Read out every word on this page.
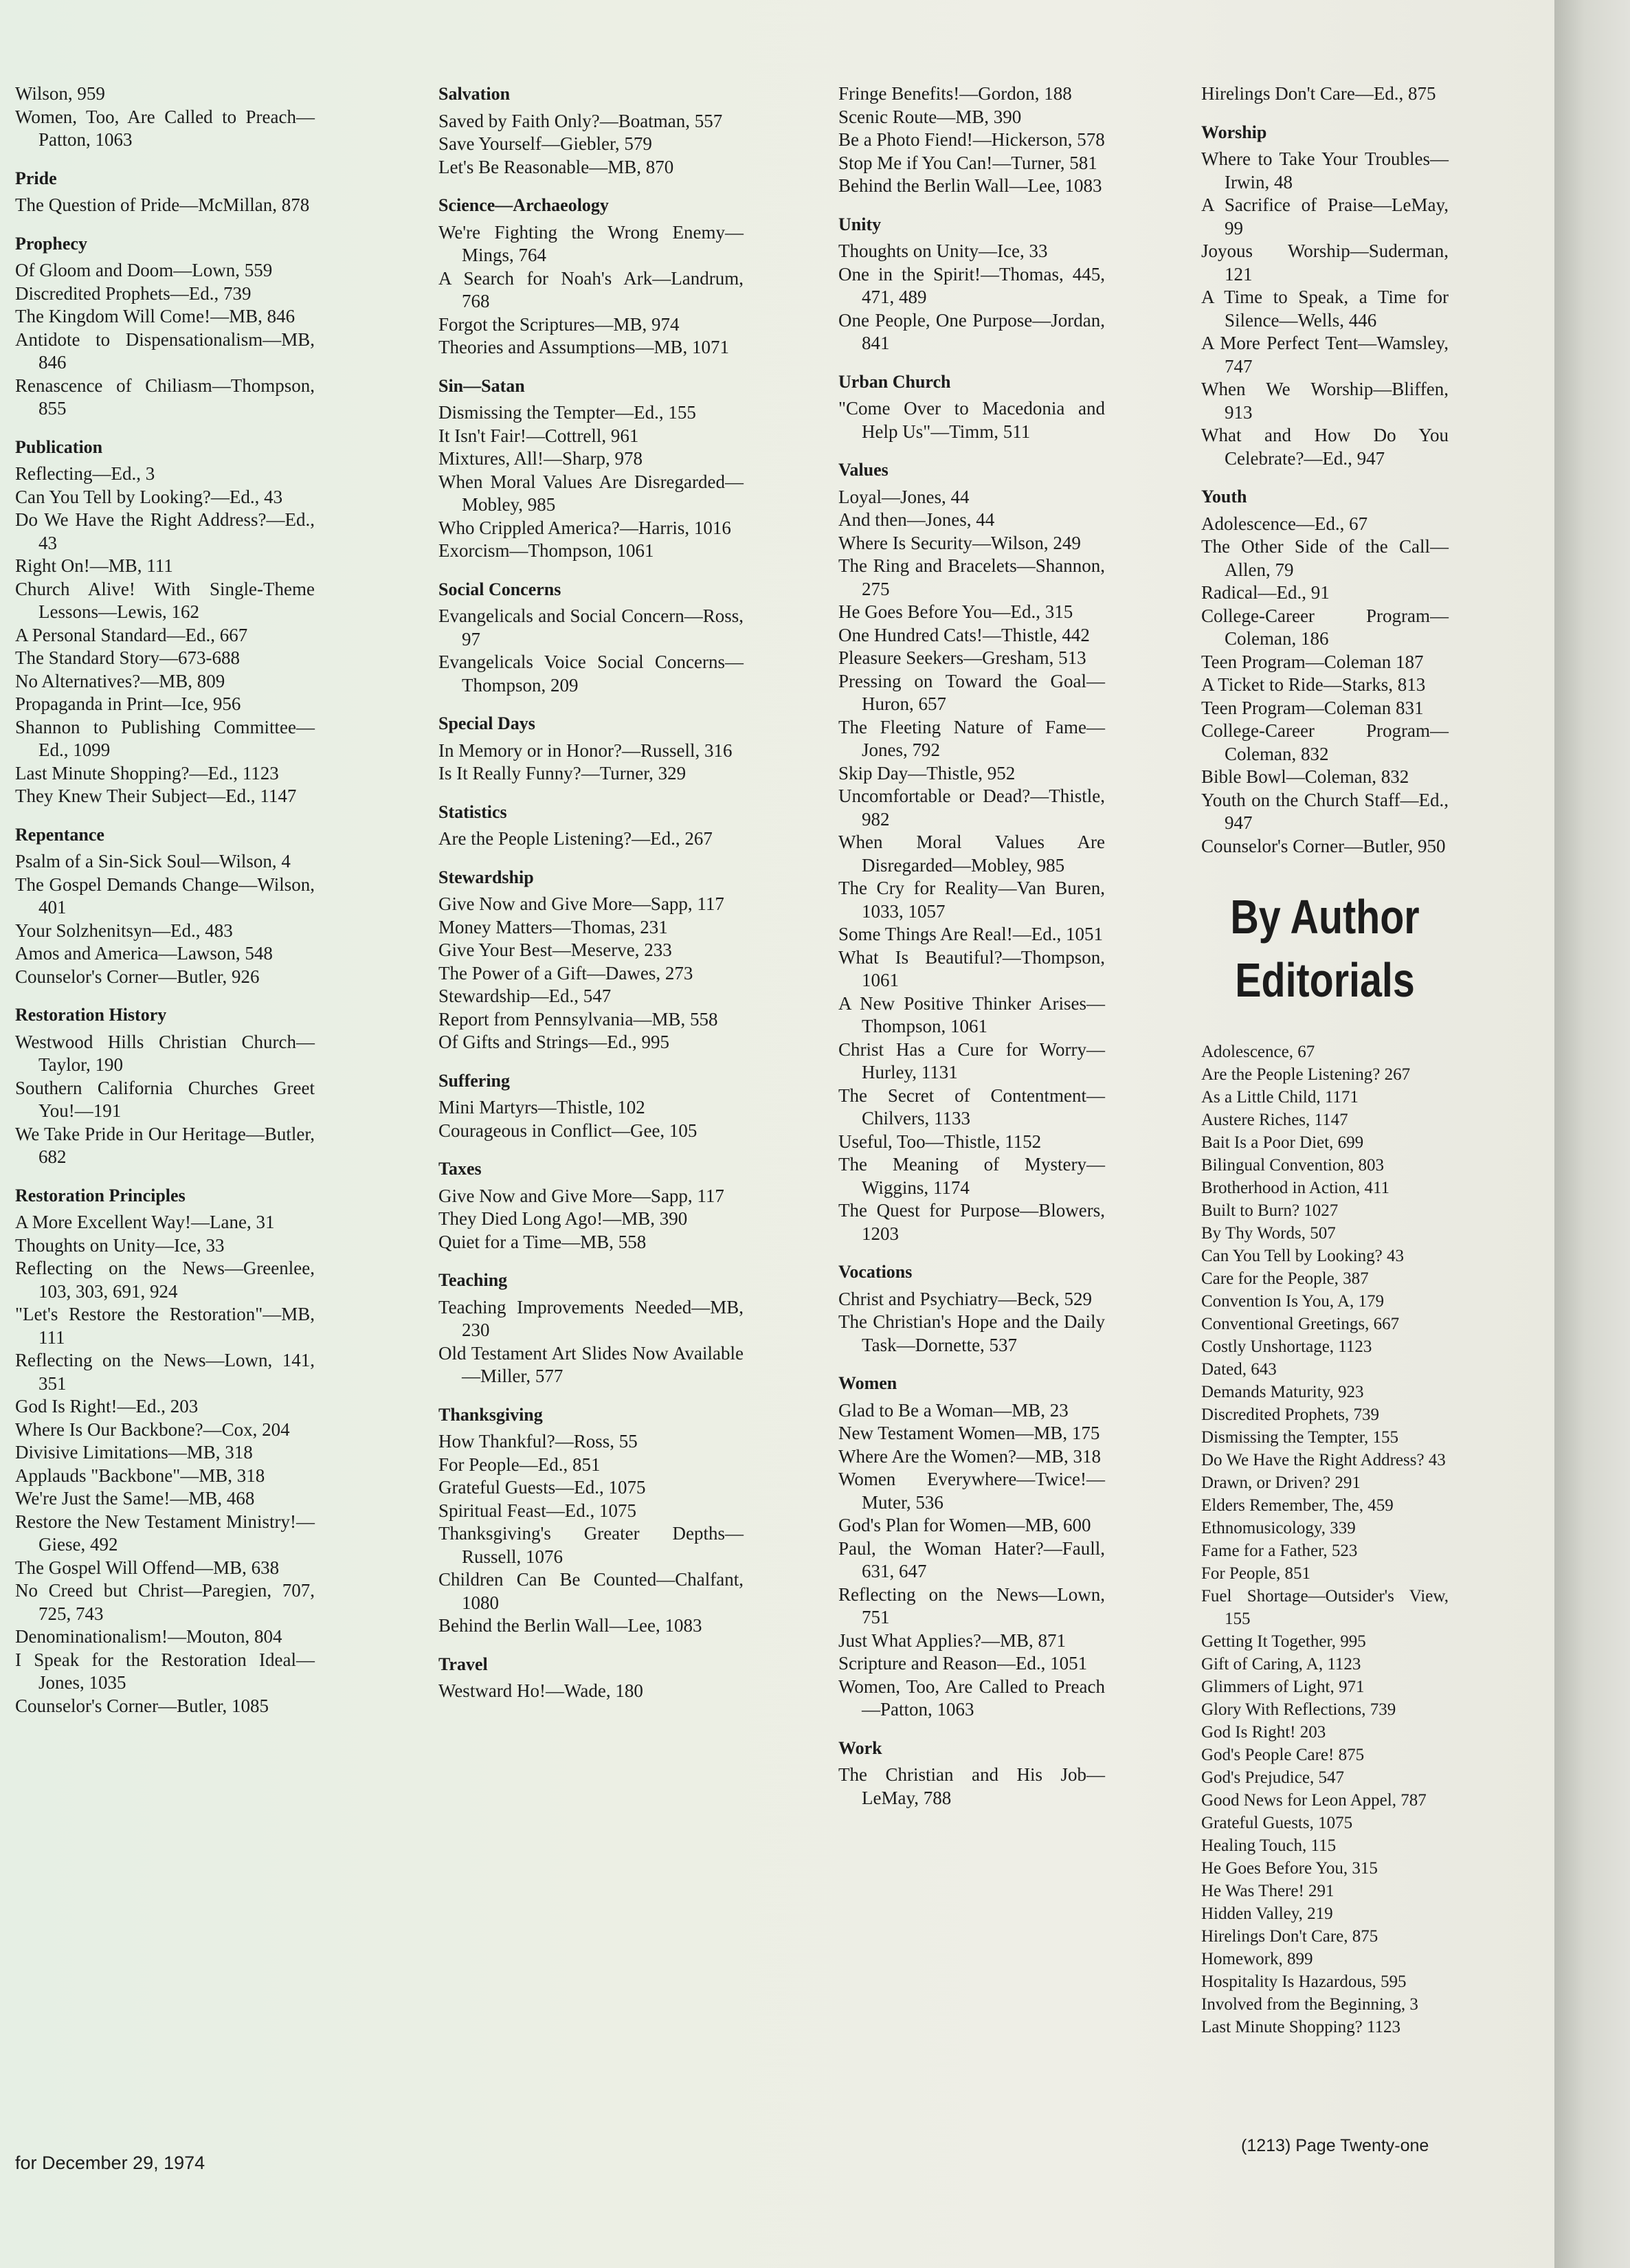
Wilson, 959
Women, Too, Are Called to Preach—Patton, 1063
Pride
The Question of Pride—McMillan, 878
Prophecy
Of Gloom and Doom—Lown, 559
Discredited Prophets—Ed., 739
The Kingdom Will Come!—MB, 846
Antidote to Dispensationalism—MB, 846
Renascence of Chiliasm—Thompson, 855
Publication
Reflecting—Ed., 3
Can You Tell by Looking?—Ed., 43
Do We Have the Right Address?—Ed., 43
Right On!—MB, 111
Church Alive! With Single-Theme Lessons—Lewis, 162
A Personal Standard—Ed., 667
The Standard Story—673-688
No Alternatives?—MB, 809
Propaganda in Print—Ice, 956
Shannon to Publishing Committee—Ed., 1099
Last Minute Shopping?—Ed., 1123
They Knew Their Subject—Ed., 1147
Repentance
Psalm of a Sin-Sick Soul—Wilson, 4
The Gospel Demands Change—Wilson, 401
Your Solzhenitsyn—Ed., 483
Amos and America—Lawson, 548
Counselor's Corner—Butler, 926
Restoration History
Westwood Hills Christian Church—Taylor, 190
Southern California Churches Greet You!—191
We Take Pride in Our Heritage—Butler, 682
Restoration Principles
A More Excellent Way!—Lane, 31
Thoughts on Unity—Ice, 33
Reflecting on the News—Greenlee, 103, 303, 691, 924
"Let's Restore the Restoration"—MB, 111
Reflecting on the News—Lown, 141, 351
God Is Right!—Ed., 203
Where Is Our Backbone?—Cox, 204
Divisive Limitations—MB, 318
Applauds "Backbone"—MB, 318
We're Just the Same!—MB, 468
Restore the New Testament Ministry!—Giese, 492
The Gospel Will Offend—MB, 638
No Creed but Christ—Paregien, 707, 725, 743
Denominationalism!—Mouton, 804
I Speak for the Restoration Ideal—Jones, 1035
Counselor's Corner—Butler, 1085
Salvation
Saved by Faith Only?—Boatman, 557
Save Yourself—Giebler, 579
Let's Be Reasonable—MB, 870
Science—Archaeology
We're Fighting the Wrong Enemy—Mings, 764
A Search for Noah's Ark—Landrum, 768
Forgot the Scriptures—MB, 974
Theories and Assumptions—MB, 1071
Sin—Satan
Dismissing the Tempter—Ed., 155
It Isn't Fair!—Cottrell, 961
Mixtures, All!—Sharp, 978
When Moral Values Are Disregarded—Mobley, 985
Who Crippled America?—Harris, 1016
Exorcism—Thompson, 1061
Social Concerns
Evangelicals and Social Concern—Ross, 97
Evangelicals Voice Social Concerns—Thompson, 209
Special Days
In Memory or in Honor?—Russell, 316
Is It Really Funny?—Turner, 329
Statistics
Are the People Listening?—Ed., 267
Stewardship
Give Now and Give More—Sapp, 117
Money Matters—Thomas, 231
Give Your Best—Meserve, 233
The Power of a Gift—Dawes, 273
Stewardship—Ed., 547
Report from Pennsylvania—MB, 558
Of Gifts and Strings—Ed., 995
Suffering
Mini Martyrs—Thistle, 102
Courageous in Conflict—Gee, 105
Taxes
Give Now and Give More—Sapp, 117
They Died Long Ago!—MB, 390
Quiet for a Time—MB, 558
Teaching
Teaching Improvements Needed—MB, 230
Old Testament Art Slides Now Available—Miller, 577
Thanksgiving
How Thankful?—Ross, 55
For People—Ed., 851
Grateful Guests—Ed., 1075
Spiritual Feast—Ed., 1075
Thanksgiving's Greater Depths—Russell, 1076
Children Can Be Counted—Chalfant, 1080
Behind the Berlin Wall—Lee, 1083
Travel
Westward Ho!—Wade, 180
Fringe Benefits!—Gordon, 188
Scenic Route—MB, 390
Be a Photo Fiend!—Hickerson, 578
Stop Me if You Can!—Turner, 581
Behind the Berlin Wall—Lee, 1083
Unity
Thoughts on Unity—Ice, 33
One in the Spirit!—Thomas, 445, 471, 489
One People, One Purpose—Jordan, 841
Urban Church
"Come Over to Macedonia and Help Us"—Timm, 511
Values
Loyal—Jones, 44
And then—Jones, 44
Where Is Security—Wilson, 249
The Ring and Bracelets—Shannon, 275
He Goes Before You—Ed., 315
One Hundred Cats!—Thistle, 442
Pleasure Seekers—Gresham, 513
Pressing on Toward the Goal—Huron, 657
The Fleeting Nature of Fame—Jones, 792
Skip Day—Thistle, 952
Uncomfortable or Dead?—Thistle, 982
When Moral Values Are Disregarded—Mobley, 985
The Cry for Reality—Van Buren, 1033, 1057
Some Things Are Real!—Ed., 1051
What Is Beautiful?—Thompson, 1061
A New Positive Thinker Arises—Thompson, 1061
Christ Has a Cure for Worry—Hurley, 1131
The Secret of Contentment—Chilvers, 1133
Useful, Too—Thistle, 1152
The Meaning of Mystery—Wiggins, 1174
The Quest for Purpose—Blowers, 1203
Vocations
Christ and Psychiatry—Beck, 529
The Christian's Hope and the Daily Task—Dornette, 537
Women
Glad to Be a Woman—MB, 23
New Testament Women—MB, 175
Where Are the Women?—MB, 318
Women Everywhere—Twice!—Muter, 536
God's Plan for Women—MB, 600
Paul, the Woman Hater?—Faull, 631, 647
Reflecting on the News—Lown, 751
Just What Applies?—MB, 871
Scripture and Reason—Ed., 1051
Women, Too, Are Called to Preach—Patton, 1063
Work
The Christian and His Job—LeMay, 788
Hirelings Don't Care—Ed., 875
Worship
Where to Take Your Troubles—Irwin, 48
A Sacrifice of Praise—LeMay, 99
Joyous Worship—Suderman, 121
A Time to Speak, a Time for Silence—Wells, 446
A More Perfect Tent—Wamsley, 747
When We Worship—Bliffen, 913
What and How Do You Celebrate?—Ed., 947
Youth
Adolescence—Ed., 67
The Other Side of the Call—Allen, 79
Radical—Ed., 91
College-Career Program—Coleman, 186
Teen Program—Coleman 187
A Ticket to Ride—Starks, 813
Teen Program—Coleman 831
College-Career Program—Coleman, 832
Bible Bowl—Coleman, 832
Youth on the Church Staff—Ed., 947
Counselor's Corner—Butler, 950
By Author
Editorials
Adolescence, 67
Are the People Listening? 267
As a Little Child, 1171
Austere Riches, 1147
Bait Is a Poor Diet, 699
Bilingual Convention, 803
Brotherhood in Action, 411
Built to Burn? 1027
By Thy Words, 507
Can You Tell by Looking? 43
Care for the People, 387
Convention Is You, A, 179
Conventional Greetings, 667
Costly Unshortage, 1123
Dated, 643
Demands Maturity, 923
Discredited Prophets, 739
Dismissing the Tempter, 155
Do We Have the Right Address? 43
Drawn, or Driven? 291
Elders Remember, The, 459
Ethnomusicology, 339
Fame for a Father, 523
For People, 851
Fuel Shortage—Outsider's View, 155
Getting It Together, 995
Gift of Caring, A, 1123
Glimmers of Light, 971
Glory With Reflections, 739
God Is Right! 203
God's People Care! 875
God's Prejudice, 547
Good News for Leon Appel, 787
Grateful Guests, 1075
Healing Touch, 115
He Goes Before You, 315
He Was There! 291
Hidden Valley, 219
Hirelings Don't Care, 875
Homework, 899
Hospitality Is Hazardous, 595
Involved from the Beginning, 3
Last Minute Shopping? 1123
for December 29, 1974
(1213) Page Twenty-one
